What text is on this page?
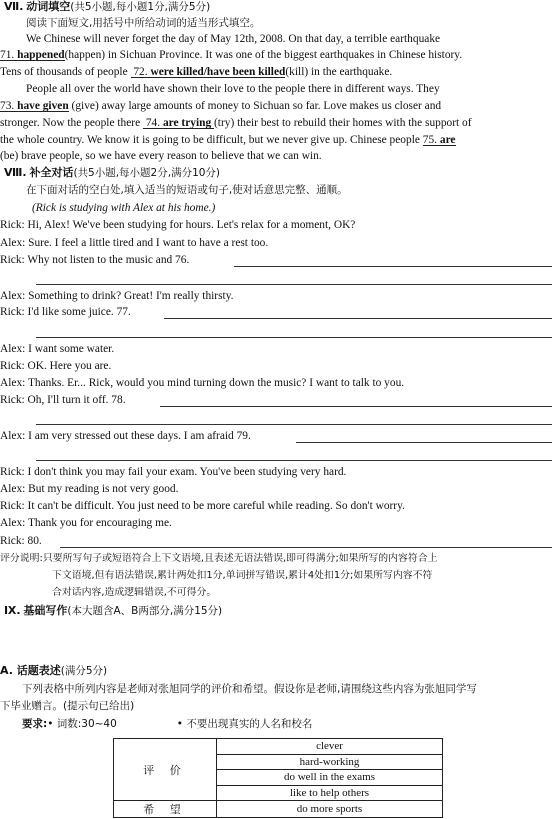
Ⅶ. 动词填空(共5小题,每小题1分,满分5分)
阅读下面短文,用括号中所给动词的适当形式填空。
We Chinese will never forget the day of May 12th, 2008. On that day, a terrible earthquake
71. happened(happen) in Sichuan Province. It was one of the biggest earthquakes in Chinese history.
Tens of thousands of people  72. were killed/have been killed(kill) in the earthquake.
People all over the world have shown their love to the people there in different ways. They
73. have given (give) away large amounts of money to Sichuan so far. Love makes us closer and
stronger. Now the people there  74. are trying (try) their best to rebuild their homes with the support of
the whole country. We know it is going to be difficult, but we never give up. Chinese people 75. are
(be) brave people, so we have every reason to believe that we can win.
Ⅷ. 补全对话(共5小题,每小题2分,满分10分)
在下面对话的空白处,填入适当的短语或句子,使对话意思完整、通顺。
(Rick is studying with Alex at his home.)
Rick: Hi, Alex! We've been studying for hours. Let's relax for a moment, OK?
Alex: Sure. I feel a little tired and I want to have a rest too.
Rick: Why not listen to the music and 76.
Alex: Something to drink? Great! I'm really thirsty.
Rick: I'd like some juice. 77.
Alex: I want some water.
Rick: OK. Here you are.
Alex: Thanks. Er... Rick, would you mind turning down the music? I want to talk to you.
Rick: Oh, I'll turn it off. 78.
Alex: I am very stressed out these days. I am afraid 79.
Rick: I don't think you may fail your exam. You've been studying very hard.
Alex: But my reading is not very good.
Rick: It can't be difficult. You just need to be more careful while reading. So don't worry.
Alex: Thank you for encouraging me.
Rick: 80.
评分说明:只要所写句子或短语符合上下文语境,且表述无语法错误,即可得满分;如果所写的内容符合上
下文语境,但有语法错误,累计两处扣1分,单词拼写错误,累计4处扣1分;如果所写内容不符
合对话内容,造成逻辑错误,不可得分。
Ⅸ. 基础写作(本大题含A、B两部分,满分15分)
A. 话题表述(满分5分)
下列表格中所列内容是老师对张旭同学的评价和希望。假设你是老师,请围绕这些内容为张旭同学写
下毕业赠言。(提示句已给出)
要求:• 词数:30~40	• 不要出现真实的人名和校名
评 价	clever
	hard-working
	do well in the exams
	like to help others
希 望	do more sports
